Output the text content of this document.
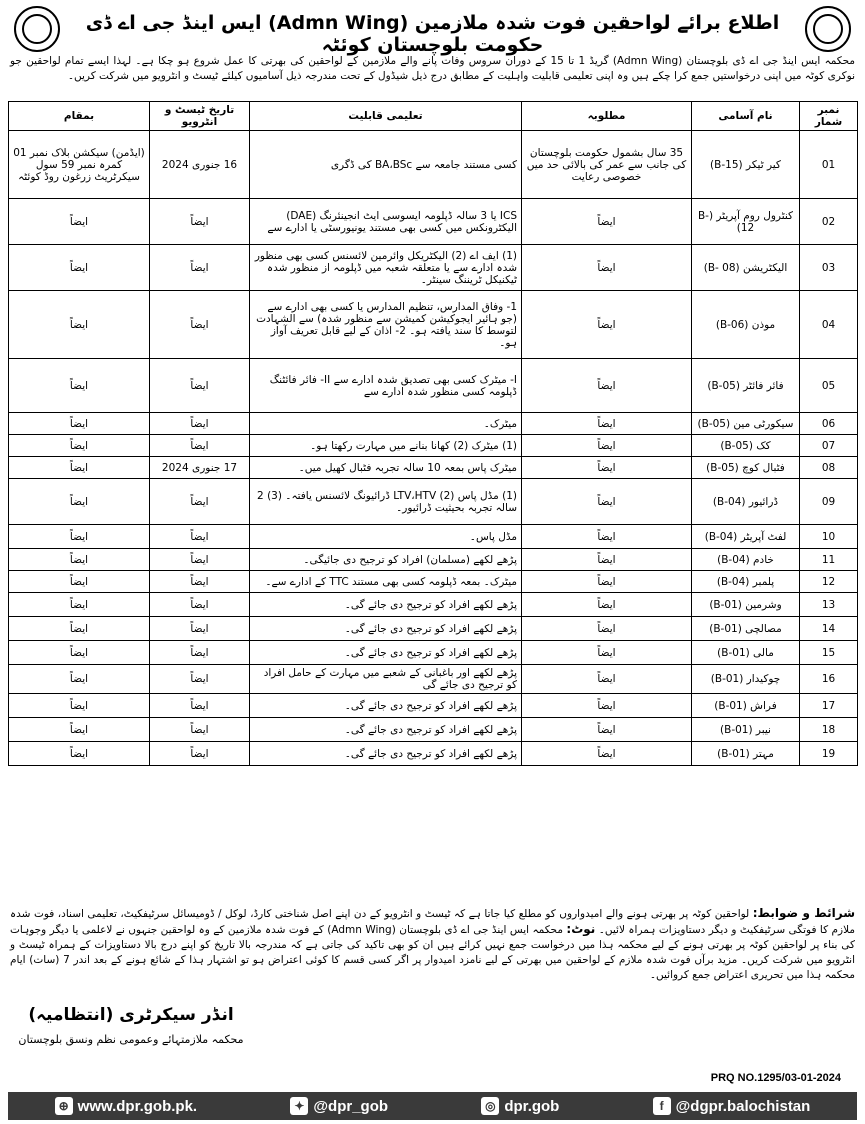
اطلاع برائے لواحقین فوت شدہ ملازمین (Admn Wing) ایس اینڈ جی اے ڈی حکومت بلوچستان کوئٹہ
محکمہ ایس اینڈ جی اے ڈی بلوچستان (Admn Wing) گریڈ 1 تا 15 کے دوران سروس وفات پانے والے ملازمین کے لواحقین کی بھرتی کا عمل شروع ہو چکا ہے۔ لہذا ایسے تمام لواحقین جو نوکری کوٹہ میں اپنی درخواستیں جمع کرا چکے ہیں وہ اپنی تعلیمی قابلیت واہلیت کے مطابق درج ذیل شیڈول کے تحت مندرجہ ذیل آسامیوں کیلئے ٹیسٹ و انٹرویو میں شرکت کریں۔
نمبر شمار	نام آسامی	مطلوبہ	تعلیمی قابلیت	تاریخ ٹیسٹ و انٹرویو	بمقام
01	کیر ٹیکر (B-15)	35 سال بشمول حکومت بلوچستان کی جانب سے عمر کی بالائی حد میں خصوصی رعایت	کسی مستند جامعہ سے BA،BSc کی ڈگری	16 جنوری 2024	(ایڈمن) سیکشن بلاک نمبر 01 کمرہ نمبر 59 سول سیکرٹریٹ زرغون روڈ کوئٹہ
02	کنٹرول روم آپریٹر (B-12)	ایضاً	ICS یا 3 سالہ ڈپلومہ ایسوسی ایٹ انجینئرنگ (DAE) الیکٹرونکس میں کسی بھی مستند یونیورسٹی یا ادارے سے	ایضاً	ایضاً
03	الیکٹریشن (B- 08)	ایضاً	(1) ایف اے (2) الیکٹریکل وائرمین لائسنس کسی بھی منظور شدہ ادارے سے یا متعلقہ شعبہ میں ڈپلومہ از منظور شدہ ٹیکنیکل ٹریننگ سینٹر۔	ایضاً	ایضاً
04	موذن (B-06)	ایضاً	1- وفاق المدارس، تنظیم المدارس یا کسی بھی ادارے سے (جو ہائیر ایجوکیشن کمیشن سے منظور شدہ) سے الشہادت لتوسط کا سند یافتہ ہو۔ 2- اذان کے لیے قابل تعریف آواز ہو۔	ایضاً	ایضاً
05	فائر فائٹر (B-05)	ایضاً	I- میٹرک کسی بھی تصدیق شدہ ادارے سے II- فائر فائٹنگ ڈپلومہ کسی منظور شدہ ادارے سے	ایضاً	ایضاً
06	سیکورٹی مین (B-05)	ایضاً	میٹرک۔	ایضاً	ایضاً
07	کک (B-05)	ایضاً	(1) میٹرک (2) کھانا بنانے میں مہارت رکھتا ہو۔	ایضاً	ایضاً
08	فٹبال کوچ (B-05)	ایضاً	میٹرک پاس بمعہ 10 سالہ تجربہ فٹبال کھیل میں۔	17 جنوری 2024	ایضاً
09	ڈرائیور (B-04)	ایضاً	(1) مڈل پاس (2) LTV،HTV ڈرائیونگ لائسنس یافتہ۔ (3) 2 سالہ تجربہ بحیثیت ڈرائیور۔	ایضاً	ایضاً
10	لفٹ آپریٹر (B-04)	ایضاً	مڈل پاس۔	ایضاً	ایضاً
11	خادم (B-04)	ایضاً	پڑھے لکھے (مسلمان) افراد کو ترجیح دی جائیگی۔	ایضاً	ایضاً
12	پلمبر (B-04)	ایضاً	میٹرک۔ بمعہ ڈپلومہ کسی بھی مستند TTC کے ادارے سے۔	ایضاً	ایضاً
13	وشرمین (B-01)	ایضاً	پڑھے لکھے افراد کو ترجیح دی جائے گی۔	ایضاً	ایضاً
14	مصالچی (B-01)	ایضاً	پڑھے لکھے افراد کو ترجیح دی جائے گی۔	ایضاً	ایضاً
15	مالی (B-01)	ایضاً	پڑھے لکھے افراد کو ترجیح دی جائے گی۔	ایضاً	ایضاً
16	چوکیدار (B-01)	ایضاً	پڑھے لکھے اور باغبانی کے شعبے میں مہارت کے حامل افراد کو ترجیح دی جائے گی	ایضاً	ایضاً
17	فراش (B-01)	ایضاً	پڑھے لکھے افراد کو ترجیح دی جائے گی۔	ایضاً	ایضاً
18	نیبر (B-01)	ایضاً	پڑھے لکھے افراد کو ترجیح دی جائے گی۔	ایضاً	ایضاً
19	مہتر (B-01)	ایضاً	پڑھے لکھے افراد کو ترجیح دی جائے گی۔	ایضاً	ایضاً
شرائط و ضوابط: لواحقین کوٹہ پر بھرتی ہونے والے امیدواروں کو مطلع کیا جاتا ہے کہ ٹیسٹ و انٹرویو کے دن اپنے اصل شناختی کارڈ، لوکل / ڈومیسائل سرٹیفکیٹ، تعلیمی اسناد، فوت شدہ ملازم کا فوتگی سرٹیفکیٹ و دیگر دستاویزات ہمراہ لائیں۔ نوٹ: محکمہ ایس اینڈ جی اے ڈی بلوچستان (Admn Wing) کے فوت شدہ ملازمین کے وہ لواحقین جنہوں نے لاعلمی یا دیگر وجوہات کی بناء پر لواحقین کوٹہ پر بھرتی ہونے کے لیے محکمہ ہذا میں درخواست جمع نہیں کرائے ہیں ان کو بھی تاکید کی جاتی ہے کہ مندرجہ بالا تاریخ کو اپنے درج بالا دستاویزات کے ہمراہ ٹیسٹ و انٹرویو میں شرکت کریں۔ مزید برآں فوت شدہ ملازم کے لواحقین میں بھرتی کے لیے نامزد امیدوار پر اگر کسی قسم کا کوئی اعتراض ہو تو اشتہار ہذا کے شائع ہونے کے بعد اندر 7 (سات) ایام محکمہ ہذا میں تحریری اعتراض جمع کروائیں۔
انڈر سیکرٹری (انتظامیہ)
محکمہ ملازمتہائے وعمومی نظم ونسق بلوچستان
PRQ NO.1295/03-01-2024
⊕ www.dpr.gob.pk.	✦ @dpr_gob	◎ dpr.gob	f @dgpr.balochistan
